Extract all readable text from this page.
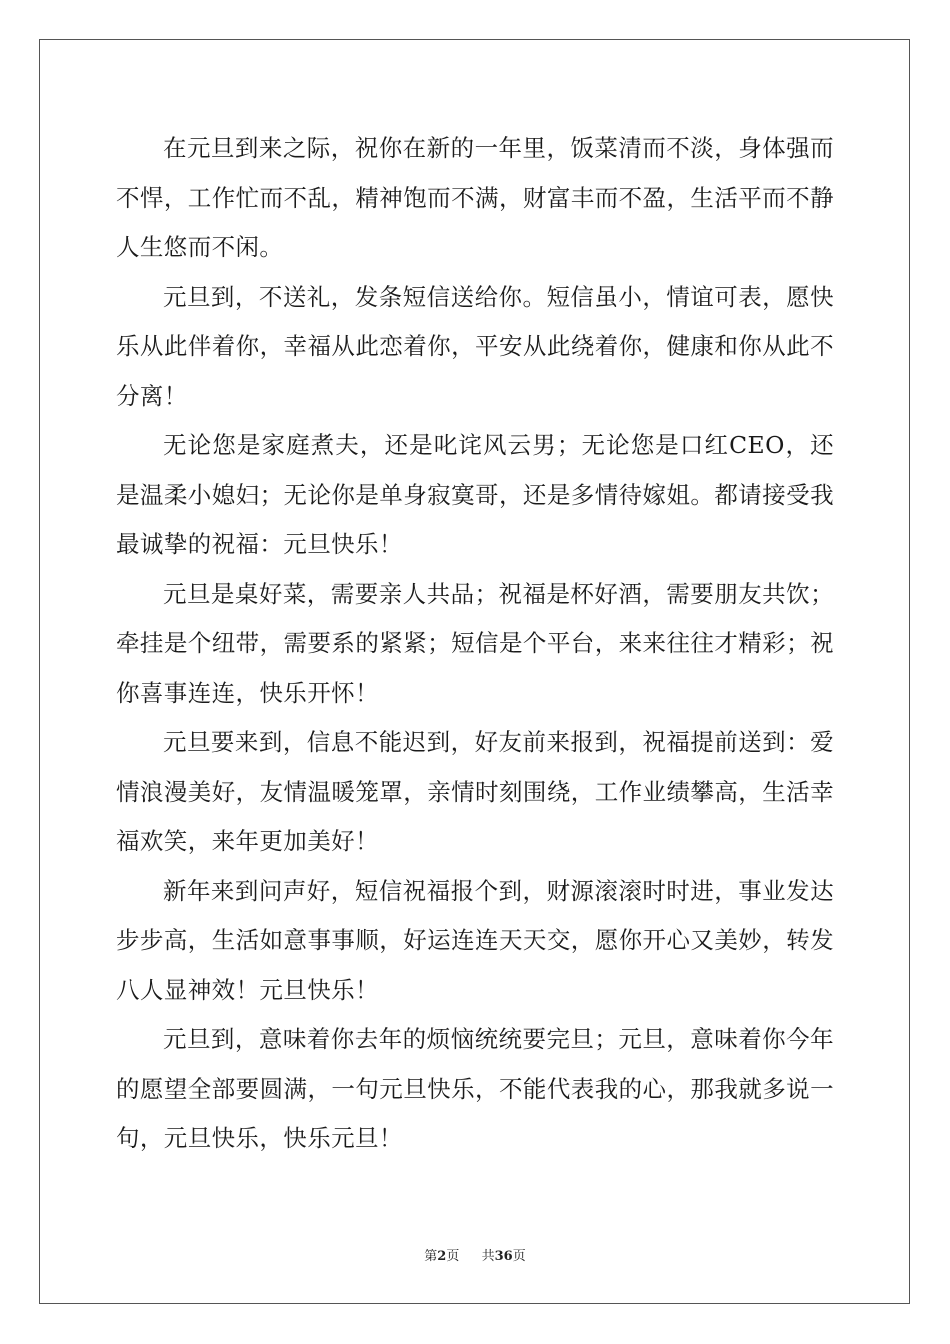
在元旦到来之际，祝你在新的一年里，饭菜清而不淡，身体强而不悍，工作忙而不乱，精神饱而不满，财富丰而不盈，生活平而不静人生悠而不闲。

元旦到，不送礼，发条短信送给你。短信虽小，情谊可表，愿快乐从此伴着你，幸福从此恋着你，平安从此绕着你，健康和你从此不分离！

无论您是家庭煮夫，还是叱诧风云男；无论您是口红CEO，还是温柔小媳妇；无论你是单身寂寞哥，还是多情待嫁姐。都请接受我最诚挚的祝福：元旦快乐！

元旦是桌好菜，需要亲人共品；祝福是杯好酒，需要朋友共饮；牵挂是个纽带，需要系的紧紧；短信是个平台，来来往往才精彩；祝你喜事连连，快乐开怀！

元旦要来到，信息不能迟到，好友前来报到，祝福提前送到：爱情浪漫美好，友情温暖笼罩，亲情时刻围绕，工作业绩攀高，生活幸福欢笑，来年更加美好！

新年来到问声好，短信祝福报个到，财源滚滚时时进，事业发达步步高，生活如意事事顺，好运连连天天交，愿你开心又美妙，转发八人显神效！元旦快乐！

元旦到，意味着你去年的烦恼统统要完旦；元旦，意味着你今年的愿望全部要圆满，一句元旦快乐，不能代表我的心，那我就多说一句，元旦快乐，快乐元旦！

第2页 共36页
